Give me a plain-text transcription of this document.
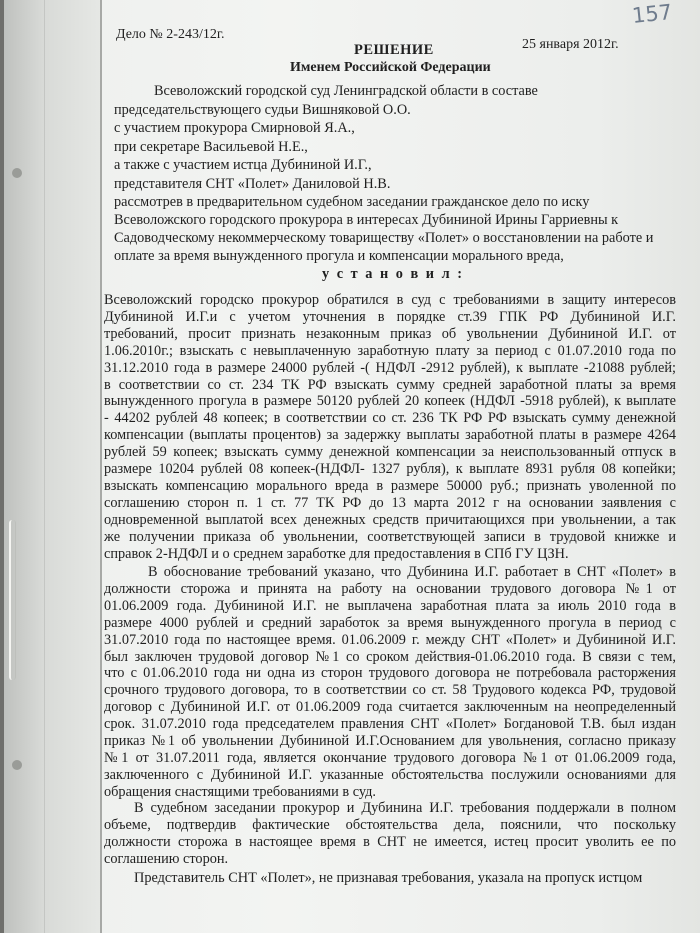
157
Дело № 2-243/12г.
25 января 2012г.
РЕШЕНИЕ
Именем Российской Федерации
Всеволожский городской суд Ленинградской области в составе
председательствующего судьи Вишняковой О.О.
с участием прокурора Смирновой Я.А.,
при секретаре Васильевой Н.Е.,
а также с участием истца Дубининой И.Г.,
представителя СНТ «Полет» Даниловой Н.В.
рассмотрев в предварительном судебном заседании гражданское дело по иску
Всеволожского городского прокурора в интересах Дубининой Ирины Гарриевны к
Садоводческому некоммерческому товариществу «Полет» о восстановлении на работе и
оплате за время вынужденного прогула и компенсации морального вреда,
у с т а н о в и л :
Всеволожский городско прокурор обратился в суд с требованиями в защиту интересов
Дубининой И.Г.и с учетом уточнения в порядке ст.39 ГПК РФ Дубининой И.Г.
требований, просит признать незаконным приказ об увольнении Дубининой И.Г. от
1.06.2010г.; взыскать с невыплаченную заработную плату за период с 01.07.2010 года по
31.12.2010 года в размере 24000 рублей -( НДФЛ -2912 рублей), к выплате -21088 рублей;
в соответствии со ст. 234 ТК РФ взыскать сумму средней заработной платы за время
вынужденного прогула в размере 50120 рублей 20 копеек (НДФЛ -5918 рублей), к выплате
- 44202 рублей 48 копеек; в соответствии со ст. 236 ТК РФ РФ взыскать сумму денежной
компенсации (выплаты процентов) за задержку выплаты заработной платы в размере 4264
рублей 59 копеек; взыскать сумму денежной компенсации за неиспользованный отпуск в
размере 10204 рублей 08 копеек-(НДФЛ- 1327 рубля), к выплате 8931 рубля 08 копейки;
взыскать компенсацию морального вреда в размере 50000 руб.; признать уволенной по
соглашению сторон п. 1 ст. 77 ТК РФ до 13 марта 2012 г на основании заявления с
одновременной выплатой всех денежных средств причитающихся при увольнении, а так
же получении приказа об увольнении, соответствующей записи в трудовой книжке и
справок 2-НДФЛ и о среднем заработке для предоставления в СПб ГУ ЦЗН.
В обоснование требований указано, что Дубинина И.Г. работает в СНТ «Полет» в
должности сторожа и принята на работу на основании трудового договора №1 от
01.06.2009 года. Дубининой И.Г. не выплачена заработная плата за июль 2010 года в
размере 4000 рублей и средний заработок за время вынужденного прогула в период с
31.07.2010 года по настоящее время. 01.06.2009 г. между СНТ «Полет» и Дубининой И.Г.
был заключен трудовой договор №1 со сроком действия-01.06.2010 года. В связи с тем,
что с 01.06.2010 года ни одна из сторон трудового договора не потребовала расторжения
срочного трудового договора, то в соответствии со ст. 58 Трудового кодекса РФ, трудовой
договор с Дубининой И.Г. от 01.06.2009 года считается заключенным на неопределенный
срок. 31.07.2010 года председателем правления СНТ «Полет» Богдановой Т.В. был издан
приказ №1 об увольнении Дубининой И.Г.Основанием для увольнения, согласно приказу
№1 от 31.07.2011 года, является окончание трудового договора №1 от 01.06.2009 года,
заключенного с Дубининой И.Г. указанные обстоятельства послужили основаниями для
обращения снастящими требованиями в суд.
В судебном заседании прокурор и Дубинина И.Г. требования поддержали в полном
объеме, подтвердив фактические обстоятельства дела, пояснили, что поскольку
должности сторожа в настоящее время в СНТ не имеется, истец просит уволить ее по
соглашению сторон.
Представитель СНТ «Полет», не признавая требования, указала на пропуск истцом
